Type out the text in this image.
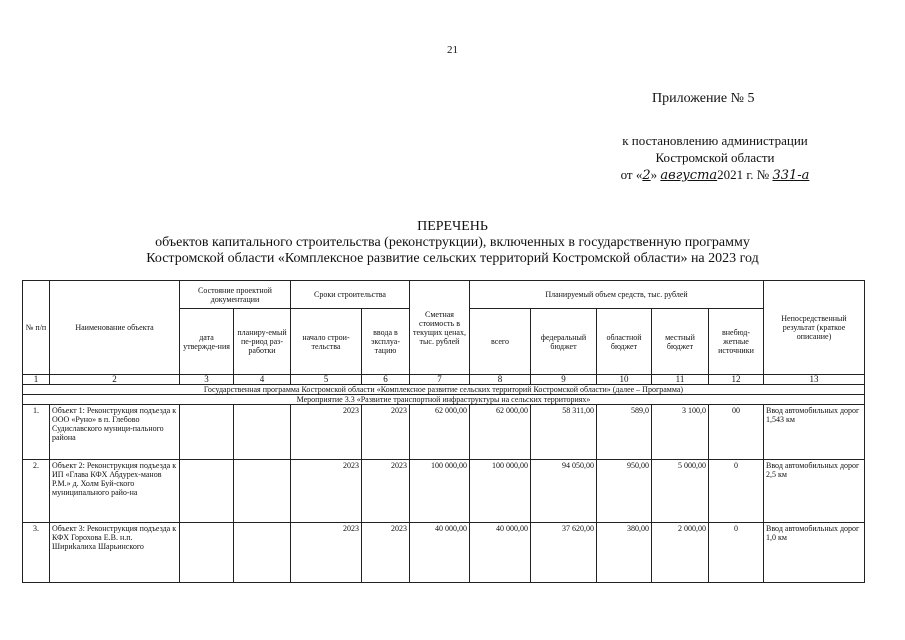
21
Приложение № 5
к постановлению администрации
Костромской области
от «2» августа2021 г. № 331-а
ПЕРЕЧЕНЬ
объектов капитального строительства (реконструкции), включенных в государственную программу
Костромской области «Комплексное развитие сельских территорий Костромской области» на 2023 год
№ п/п	Наименование объекта	Состояние проектной документации		Сроки строительства		Сметная стоимость в текущих ценах, тыс. рублей	Планируемый объем средств, тыс. рублей					Непосредственный результат (краткое описание)
		дата утвержде-ния	планиру-емый пе-риод раз-работки	начало строи-тельства	ввода в эксплуа-тацию		всего	федеральный бюджет	областной бюджет	местный бюджет	внебюд-жетные источники	
1	2	3	4	5	6	7	8	9	10	11	12	13
Государственная программа Костромской области «Комплексное развитие сельских территорий Костромской области» (далее – Программа)												
Мероприятие 3.3 «Развитие транспортной инфраструктуры на сельских территориях»												
1.	Объект 1: Реконструкция подъезда к ООО «Руно» в п. Глебово Судиславского муници-пального района			2023	2023	62 000,00	62 000,00	58 311,00	589,0	3 100,0	00	Ввод автомобильных дорог 1,543 км
2.	Объект 2: Реконструкция подъезда к ИП «Глава КФХ Абдурех-манов Р.М.» д. Холм Буй-ского муниципального райо-на			2023	2023	100 000,00	100 000,00	94 050,00	950,00	5 000,00	0	Ввод автомобильных дорог 2,5 км
3.	Объект 3: Реконструкция подъезда к КФХ Горохова Е.В. н.п. Шириkалиха Шарьинского			2023	2023	40 000,00	40 000,00	37 620,00	380,00	2 000,00	0	Ввод автомобильных дорог 1,0 км
